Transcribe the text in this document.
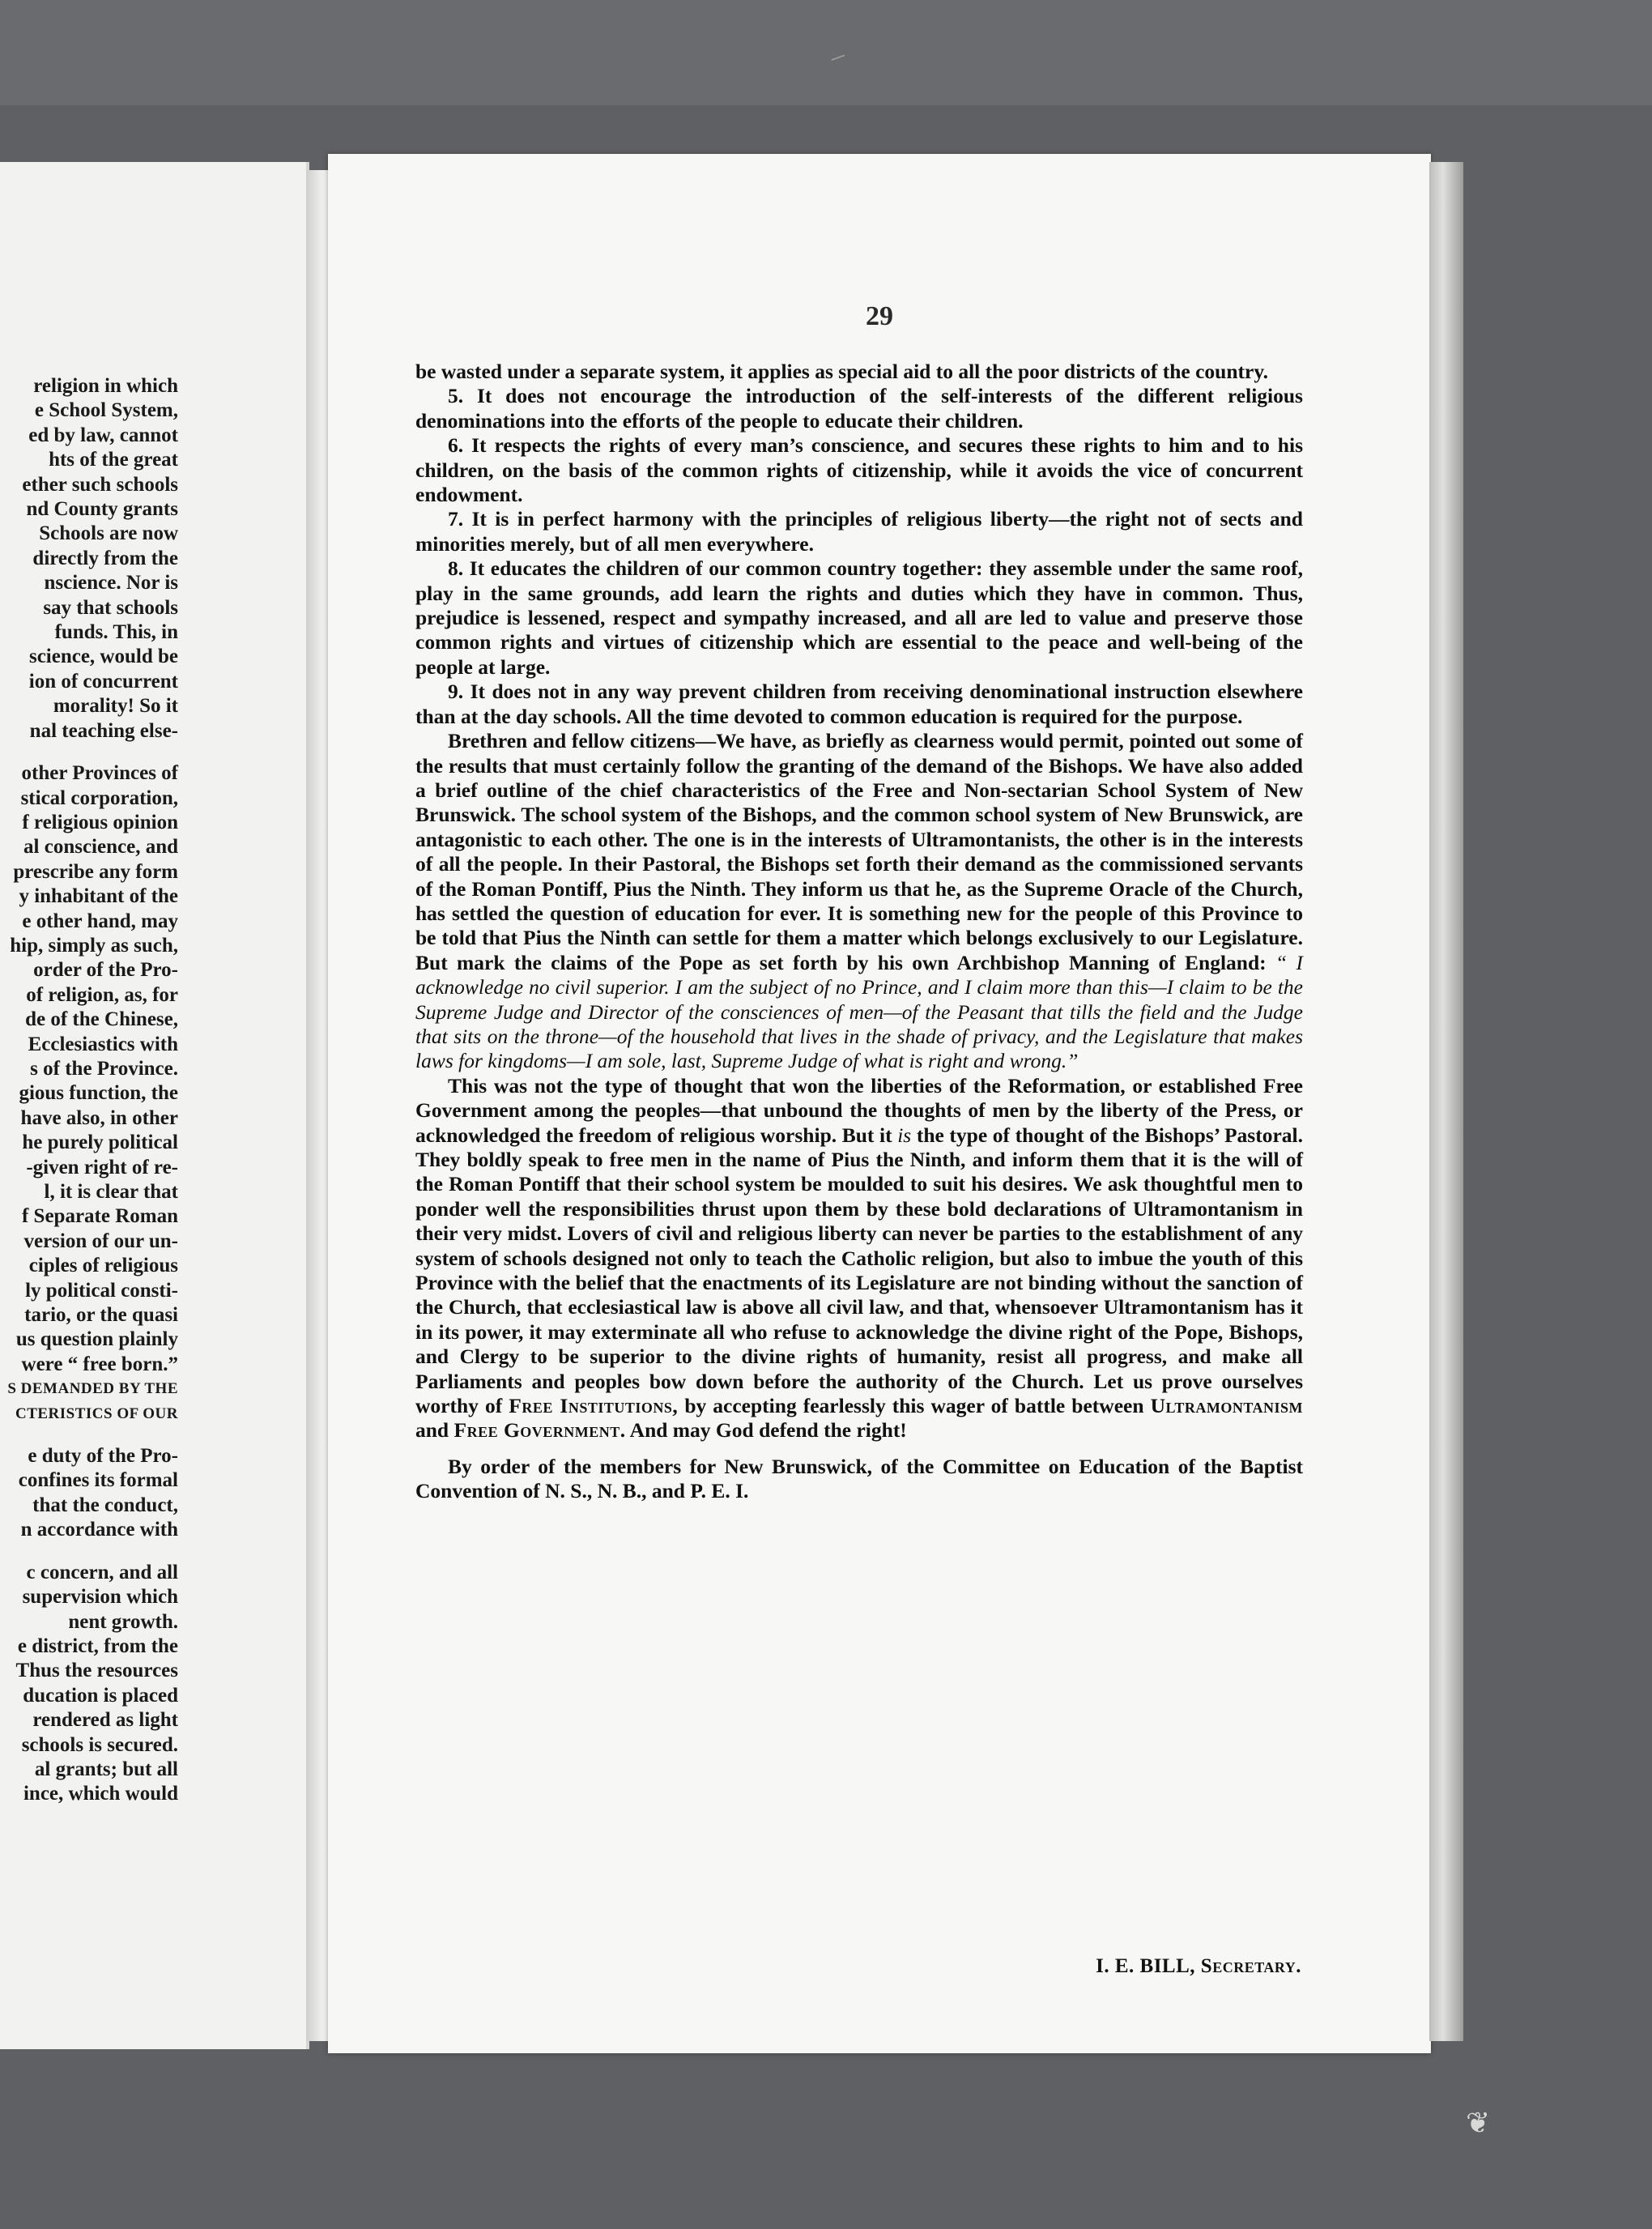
religion in which
e School System,
ed by law, cannot
hts of the great
ether such schools
nd County grants
Schools are now
directly from the
nscience. Nor is
say that schools
funds. This, in
science, would be
ion of concurrent
morality! So it
nal teaching else-
other Provinces of
stical corporation,
f religious opinion
al conscience, and
prescribe any form
y inhabitant of the
e other hand, may
hip, simply as such,
order of the Pro-
of religion, as, for
de of the Chinese,
Ecclesiastics with
s of the Province.
gious function, the
have also, in other
he purely political
-given right of re-
l, it is clear that
f Separate Roman
version of our un-
ciples of religious
ly political consti-
tario, or the quasi
us question plainly
were “ free born.”
S DEMANDED BY THE
CTERISTICS OF OUR
e duty of the Pro-
confines its formal
that the conduct,
n accordance with
c concern, and all
supervision which
nent growth.
e district, from the
Thus the resources
ducation is placed
rendered as light
schools is secured.
al grants; but all
ince, which would
29

be wasted under a separate system, it applies as special aid to all the poor districts of the country.

5. It does not encourage the introduction of the self-interests of the different religious denominations into the efforts of the people to educate their children.

6. It respects the rights of every man’s conscience, and secures these rights to him and to his children, on the basis of the common rights of citizenship, while it avoids the vice of concurrent endowment.

7. It is in perfect harmony with the principles of religious liberty—the right not of sects and minorities merely, but of all men everywhere.

8. It educates the children of our common country together: they assemble under the same roof, play in the same grounds, add learn the rights and duties which they have in common. Thus, prejudice is lessened, respect and sympathy increased, and all are led to value and preserve those common rights and virtues of citizenship which are essential to the peace and well-being of the people at large.

9. It does not in any way prevent children from receiving denominational instruction elsewhere than at the day schools. All the time devoted to common education is required for the purpose.

Brethren and fellow citizens—We have, as briefly as clearness would permit, pointed out some of the results that must certainly follow the granting of the demand of the Bishops. We have also added a brief outline of the chief characteristics of the Free and Non-sectarian School System of New Brunswick. The school system of the Bishops, and the common school system of New Brunswick, are antagonistic to each other. The one is in the interests of Ultramontanists, the other is in the interests of all the people. In their Pastoral, the Bishops set forth their demand as the commissioned servants of the Roman Pontiff, Pius the Ninth. They inform us that he, as the Supreme Oracle of the Church, has settled the question of education for ever. It is something new for the people of this Province to be told that Pius the Ninth can settle for them a matter which belongs exclusively to our Legislature. But mark the claims of the Pope as set forth by his own Archbishop Manning of England: “ I acknowledge no civil superior. I am the subject of no Prince, and I claim more than this—I claim to be the Supreme Judge and Director of the consciences of men—of the Peasant that tills the field and the Judge that sits on the throne—of the household that lives in the shade of privacy, and the Legislature that makes laws for kingdoms—I am sole, last, Supreme Judge of what is right and wrong.”

This was not the type of thought that won the liberties of the Reformation, or established Free Government among the peoples—that unbound the thoughts of men by the liberty of the Press, or acknowledged the freedom of religious worship. But it is the type of thought of the Bishops’ Pastoral. They boldly speak to free men in the name of Pius the Ninth, and inform them that it is the will of the Roman Pontiff that their school system be moulded to suit his desires. We ask thoughtful men to ponder well the responsibilities thrust upon them by these bold declarations of Ultramontanism in their very midst. Lovers of civil and religious liberty can never be parties to the establishment of any system of schools designed not only to teach the Catholic religion, but also to imbue the youth of this Province with the belief that the enactments of its Legislature are not binding without the sanction of the Church, that ecclesiastical law is above all civil law, and that, whensoever Ultramontanism has it in its power, it may exterminate all who refuse to acknowledge the divine right of the Pope, Bishops, and Clergy to be superior to the divine rights of humanity, resist all progress, and make all Parliaments and peoples bow down before the authority of the Church. Let us prove ourselves worthy of Free Institutions, by accepting fearlessly this wager of battle between Ultramontanism and Free Government. And may God defend the right!

By order of the members for New Brunswick, of the Committee on Education of the Baptist Convention of N. S., N. B., and P. E. I.

I. E. BILL, Secretary.
⸝
❦
